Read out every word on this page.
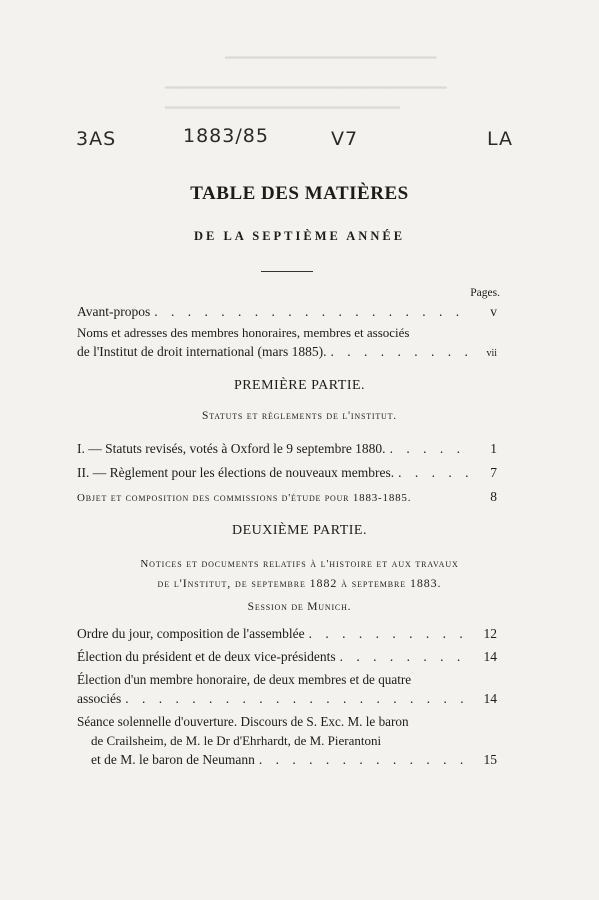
━━━━━━━━━━━━━━━━━━━━━━━━━━━
━━━━━━━━━━━━━━━━━━━━━━━━━━━━━━━━━━━━
━━━━━━━━━━━━━━━━━━━━━━━━━━━━━━
3AS	1883/85	V7	LA
TABLE DES MATIÈRES
DE LA SEPTIÈME ANNÉE
Pages.
Avant-propos . . .	v
Noms et adresses des membres honoraires, membres et associés
de l'Institut de droit international (mars 1885). . . .	vii
PREMIÈRE PARTIE.
Statuts et règlements de l'institut.
I. — Statuts revisés, votés à Oxford le 9 septembre 1880. . . .	1
II. — Règlement pour les élections de nouveaux membres. . . .	7
Objet et composition des commissions d'étude pour 1883-1885.	8
DEUXIÈME PARTIE.
Notices et documents relatifs à l'histoire et aux travaux
de l'Institut, de septembre 1882 à septembre 1883.
Session de Munich.
Ordre du jour, composition de l'assemblée . . .	12
Élection du président et de deux vice-présidents . . .	14
Élection d'un membre honoraire, de deux membres et de quatre
associés . . .	14
Séance solennelle d'ouverture. Discours de S. Exc. M. le baron
de Crailsheim, de M. le Dr d'Ehrhardt, de M. Pierantoni
et de M. le baron de Neumann . . .	15
